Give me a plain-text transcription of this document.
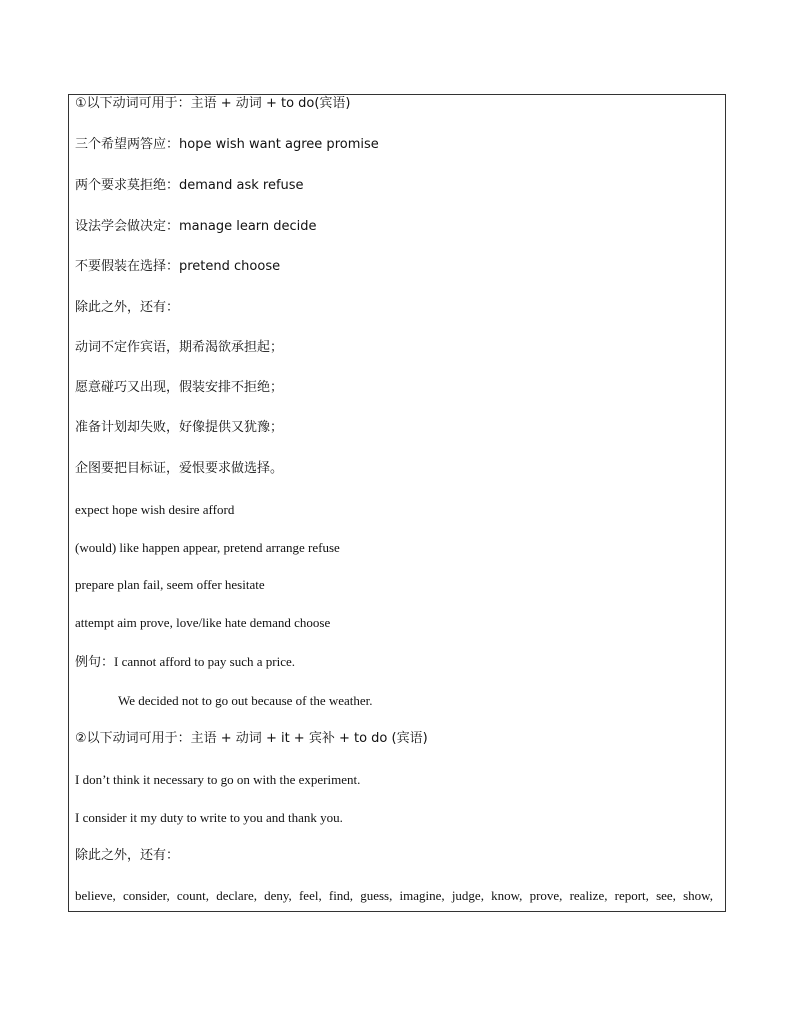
①以下动词可用于：主语 + 动词 + to do(宾语)
三个希望两答应：hope wish want agree promise
两个要求莫拒绝：demand ask refuse
设法学会做决定：manage learn decide
不要假装在选择：pretend choose
除此之外，还有：
动词不定作宾语，期希渴欲承担起；
愿意碰巧又出现，假装安排不拒绝；
准备计划却失败，好像提供又犹豫；
企图要把目标证，爱恨要求做选择。
expect hope wish desire afford
(would) like happen appear, pretend arrange refuse
prepare plan fail, seem offer hesitate
attempt aim prove, love/like hate demand choose
例句：I cannot afford to pay such a price.
We decided not to go out because of the weather.
②以下动词可用于：主语 + 动词 + it + 宾补 + to do (宾语)
I don’t think it necessary to go on with the experiment.
I consider it my duty to write to you and thank you.
除此之外，还有：
believe, consider, count, declare, deny, feel, find, guess, imagine, judge, know, prove, realize, report, see, show,
